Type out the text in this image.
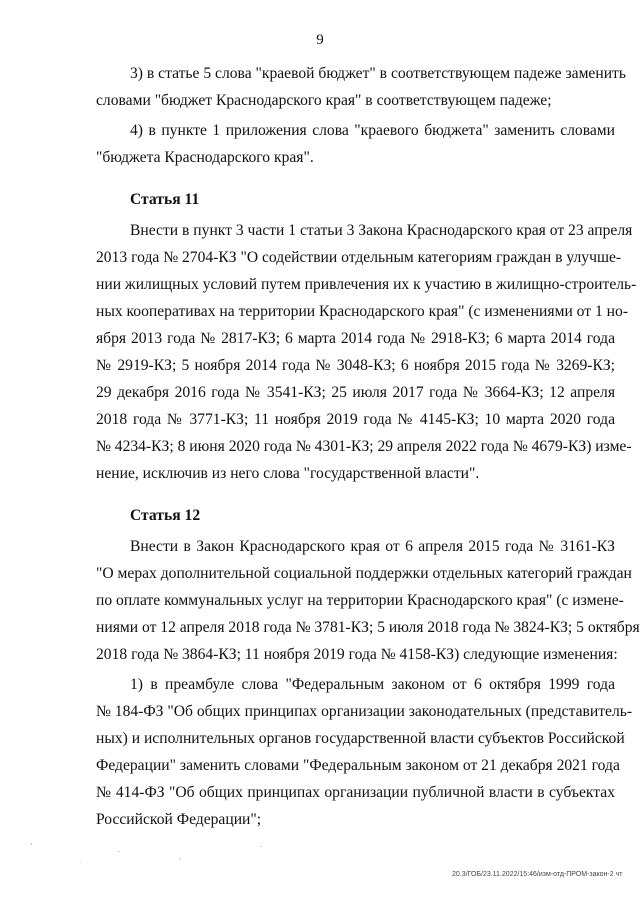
9
3) в статье 5 слова "краевой бюджет" в соответствующем падеже заменить
словами "бюджет Краснодарского края" в соответствующем падеже;
4) в пункте 1 приложения слова "краевого бюджета" заменить словами
"бюджета Краснодарского края".
Статья 11
Внести в пункт 3 части 1 статьи 3 Закона Краснодарского края от 23 апреля
2013 года № 2704-КЗ "О содействии отдельным категориям граждан в улучше-
нии жилищных условий путем привлечения их к участию в жилищно-строитель-
ных кооперативах на территории Краснодарского края" (с изменениями от 1 но-
ября 2013 года № 2817-КЗ; 6 марта 2014 года № 2918-КЗ; 6 марта 2014 года
№ 2919-КЗ; 5 ноября 2014 года № 3048-КЗ; 6 ноября 2015 года № 3269-КЗ;
29 декабря 2016 года № 3541-КЗ; 25 июля 2017 года № 3664-КЗ; 12 апреля
2018 года № 3771-КЗ; 11 ноября 2019 года № 4145-КЗ; 10 марта 2020 года
№ 4234-КЗ; 8 июня 2020 года № 4301-КЗ; 29 апреля 2022 года № 4679-КЗ) изме-
нение, исключив из него слова "государственной власти".
Статья 12
Внести в Закон Краснодарского края от 6 апреля 2015 года № 3161-КЗ
"О мерах дополнительной социальной поддержки отдельных категорий граждан
по оплате коммунальных услуг на территории Краснодарского края" (с измене-
ниями от 12 апреля 2018 года № 3781-КЗ; 5 июля 2018 года № 3824-КЗ; 5 октября
2018 года № 3864-КЗ; 11 ноября 2019 года № 4158-КЗ) следующие изменения:
1) в преамбуле слова "Федеральным законом от 6 октября 1999 года
№ 184-ФЗ "Об общих принципах организации законодательных (представитель-
ных) и исполнительных органов государственной власти субъектов Российской
Федерации" заменить словами "Федеральным законом от 21 декабря 2021 года
№ 414-ФЗ "Об общих принципах организации публичной власти в субъектах
Российской Федерации";
20.3/ГОБ/23.11.2022/15:46/изм-отд-ПРОМ-закон-2 чт
